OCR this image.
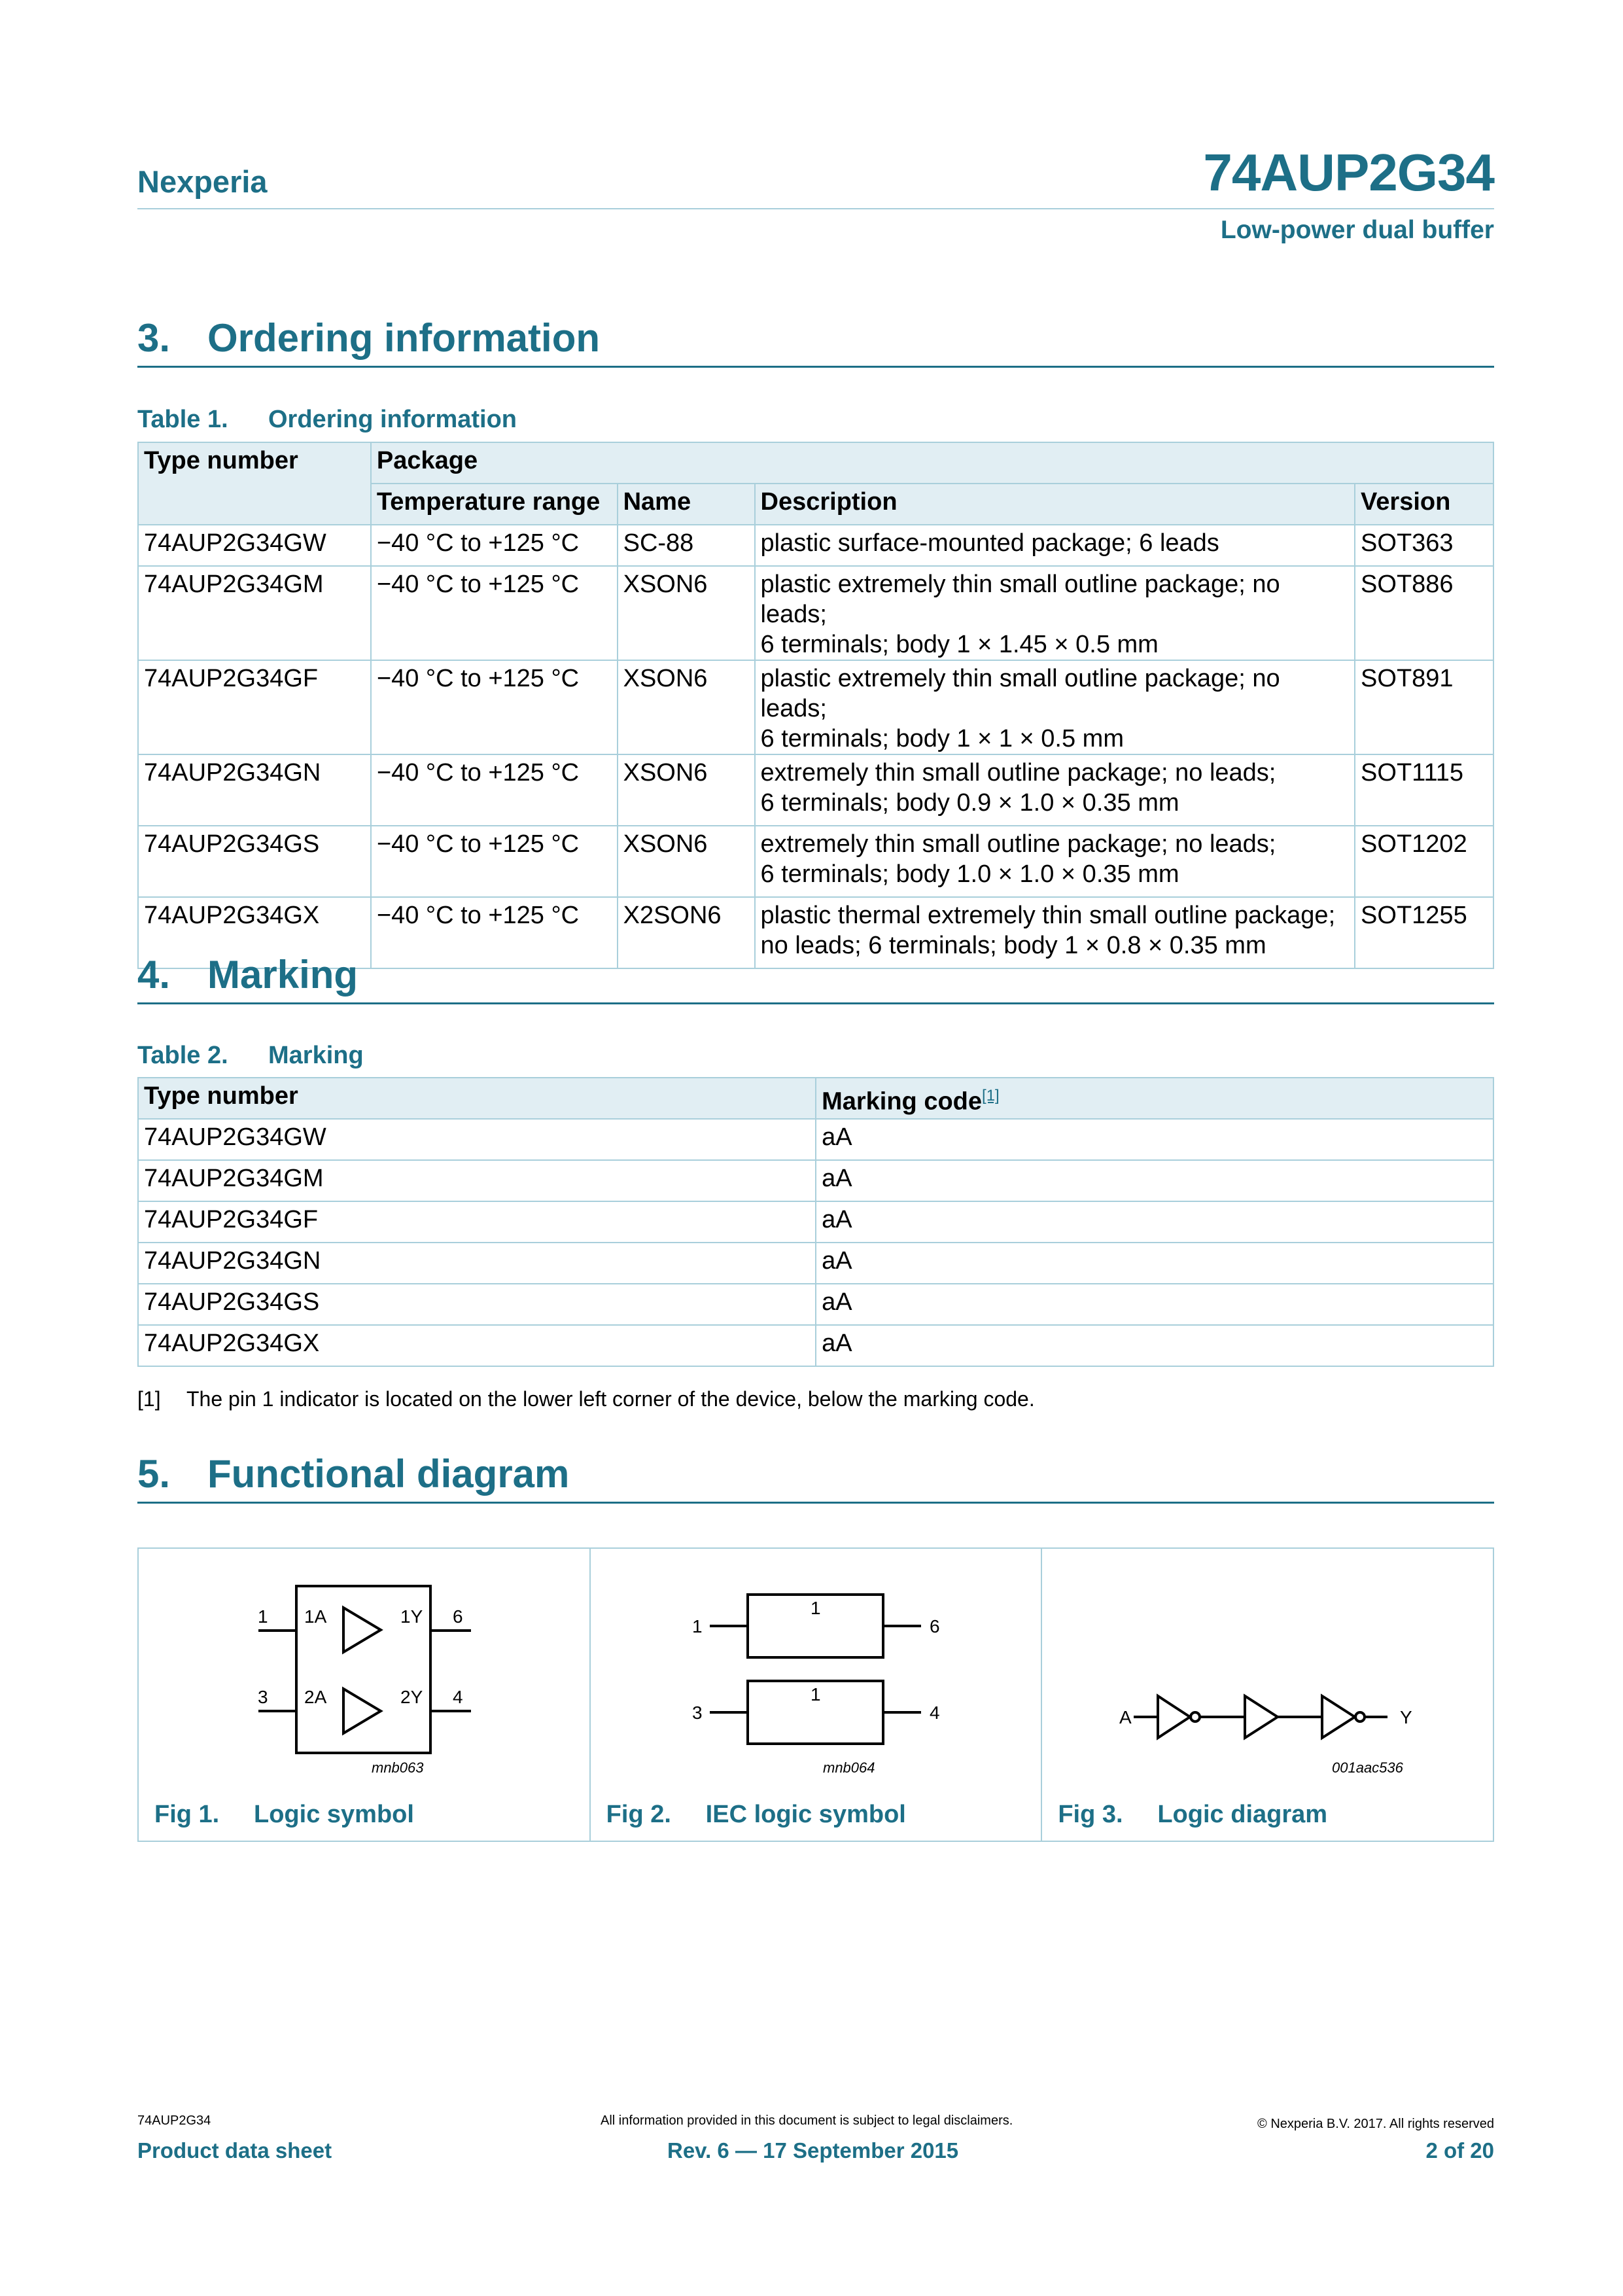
Nexperia	74AUP2G34
Low-power dual buffer
3. Ordering information
Table 1. Ordering information
Type number	Package			
	Temperature range	Name	Description	Version
74AUP2G34GW	−40 °C to +125 °C	SC-88	plastic surface-mounted package; 6 leads	SOT363
74AUP2G34GM	−40 °C to +125 °C	XSON6	plastic extremely thin small outline package; no leads;
6 terminals; body 1 × 1.45 × 0.5 mm	SOT886
74AUP2G34GF	−40 °C to +125 °C	XSON6	plastic extremely thin small outline package; no leads;
6 terminals; body 1 × 1 × 0.5 mm	SOT891
74AUP2G34GN	−40 °C to +125 °C	XSON6	extremely thin small outline package; no leads;
6 terminals; body 0.9 × 1.0 × 0.35 mm	SOT1115
74AUP2G34GS	−40 °C to +125 °C	XSON6	extremely thin small outline package; no leads;
6 terminals; body 1.0 × 1.0 × 0.35 mm	SOT1202
74AUP2G34GX	−40 °C to +125 °C	X2SON6	plastic thermal extremely thin small outline package;
no leads; 6 terminals; body 1 × 0.8 × 0.35 mm	SOT1255
4. Marking
Table 2. Marking
Type number	Marking code[1]
74AUP2G34GW	aA
74AUP2G34GM	aA
74AUP2G34GF	aA
74AUP2G34GN	aA
74AUP2G34GS	aA
74AUP2G34GX	aA
[1] The pin 1 indicator is located on the lower left corner of the device, below the marking code.
5. Functional diagram
1 1A	1Y 6
3 2A	2Y 4
mnb063
Fig 1. Logic symbol
1	6
3	4
1
1
mnb064
Fig 2. IEC logic symbol
A	Y
001aac536
Fig 3. Logic diagram
74AUP2G34	All information provided in this document is subject to legal disclaimers.	© Nexperia B.V. 2017. All rights reserved
Product data sheet	Rev. 6 — 17 September 2015	2 of 20
